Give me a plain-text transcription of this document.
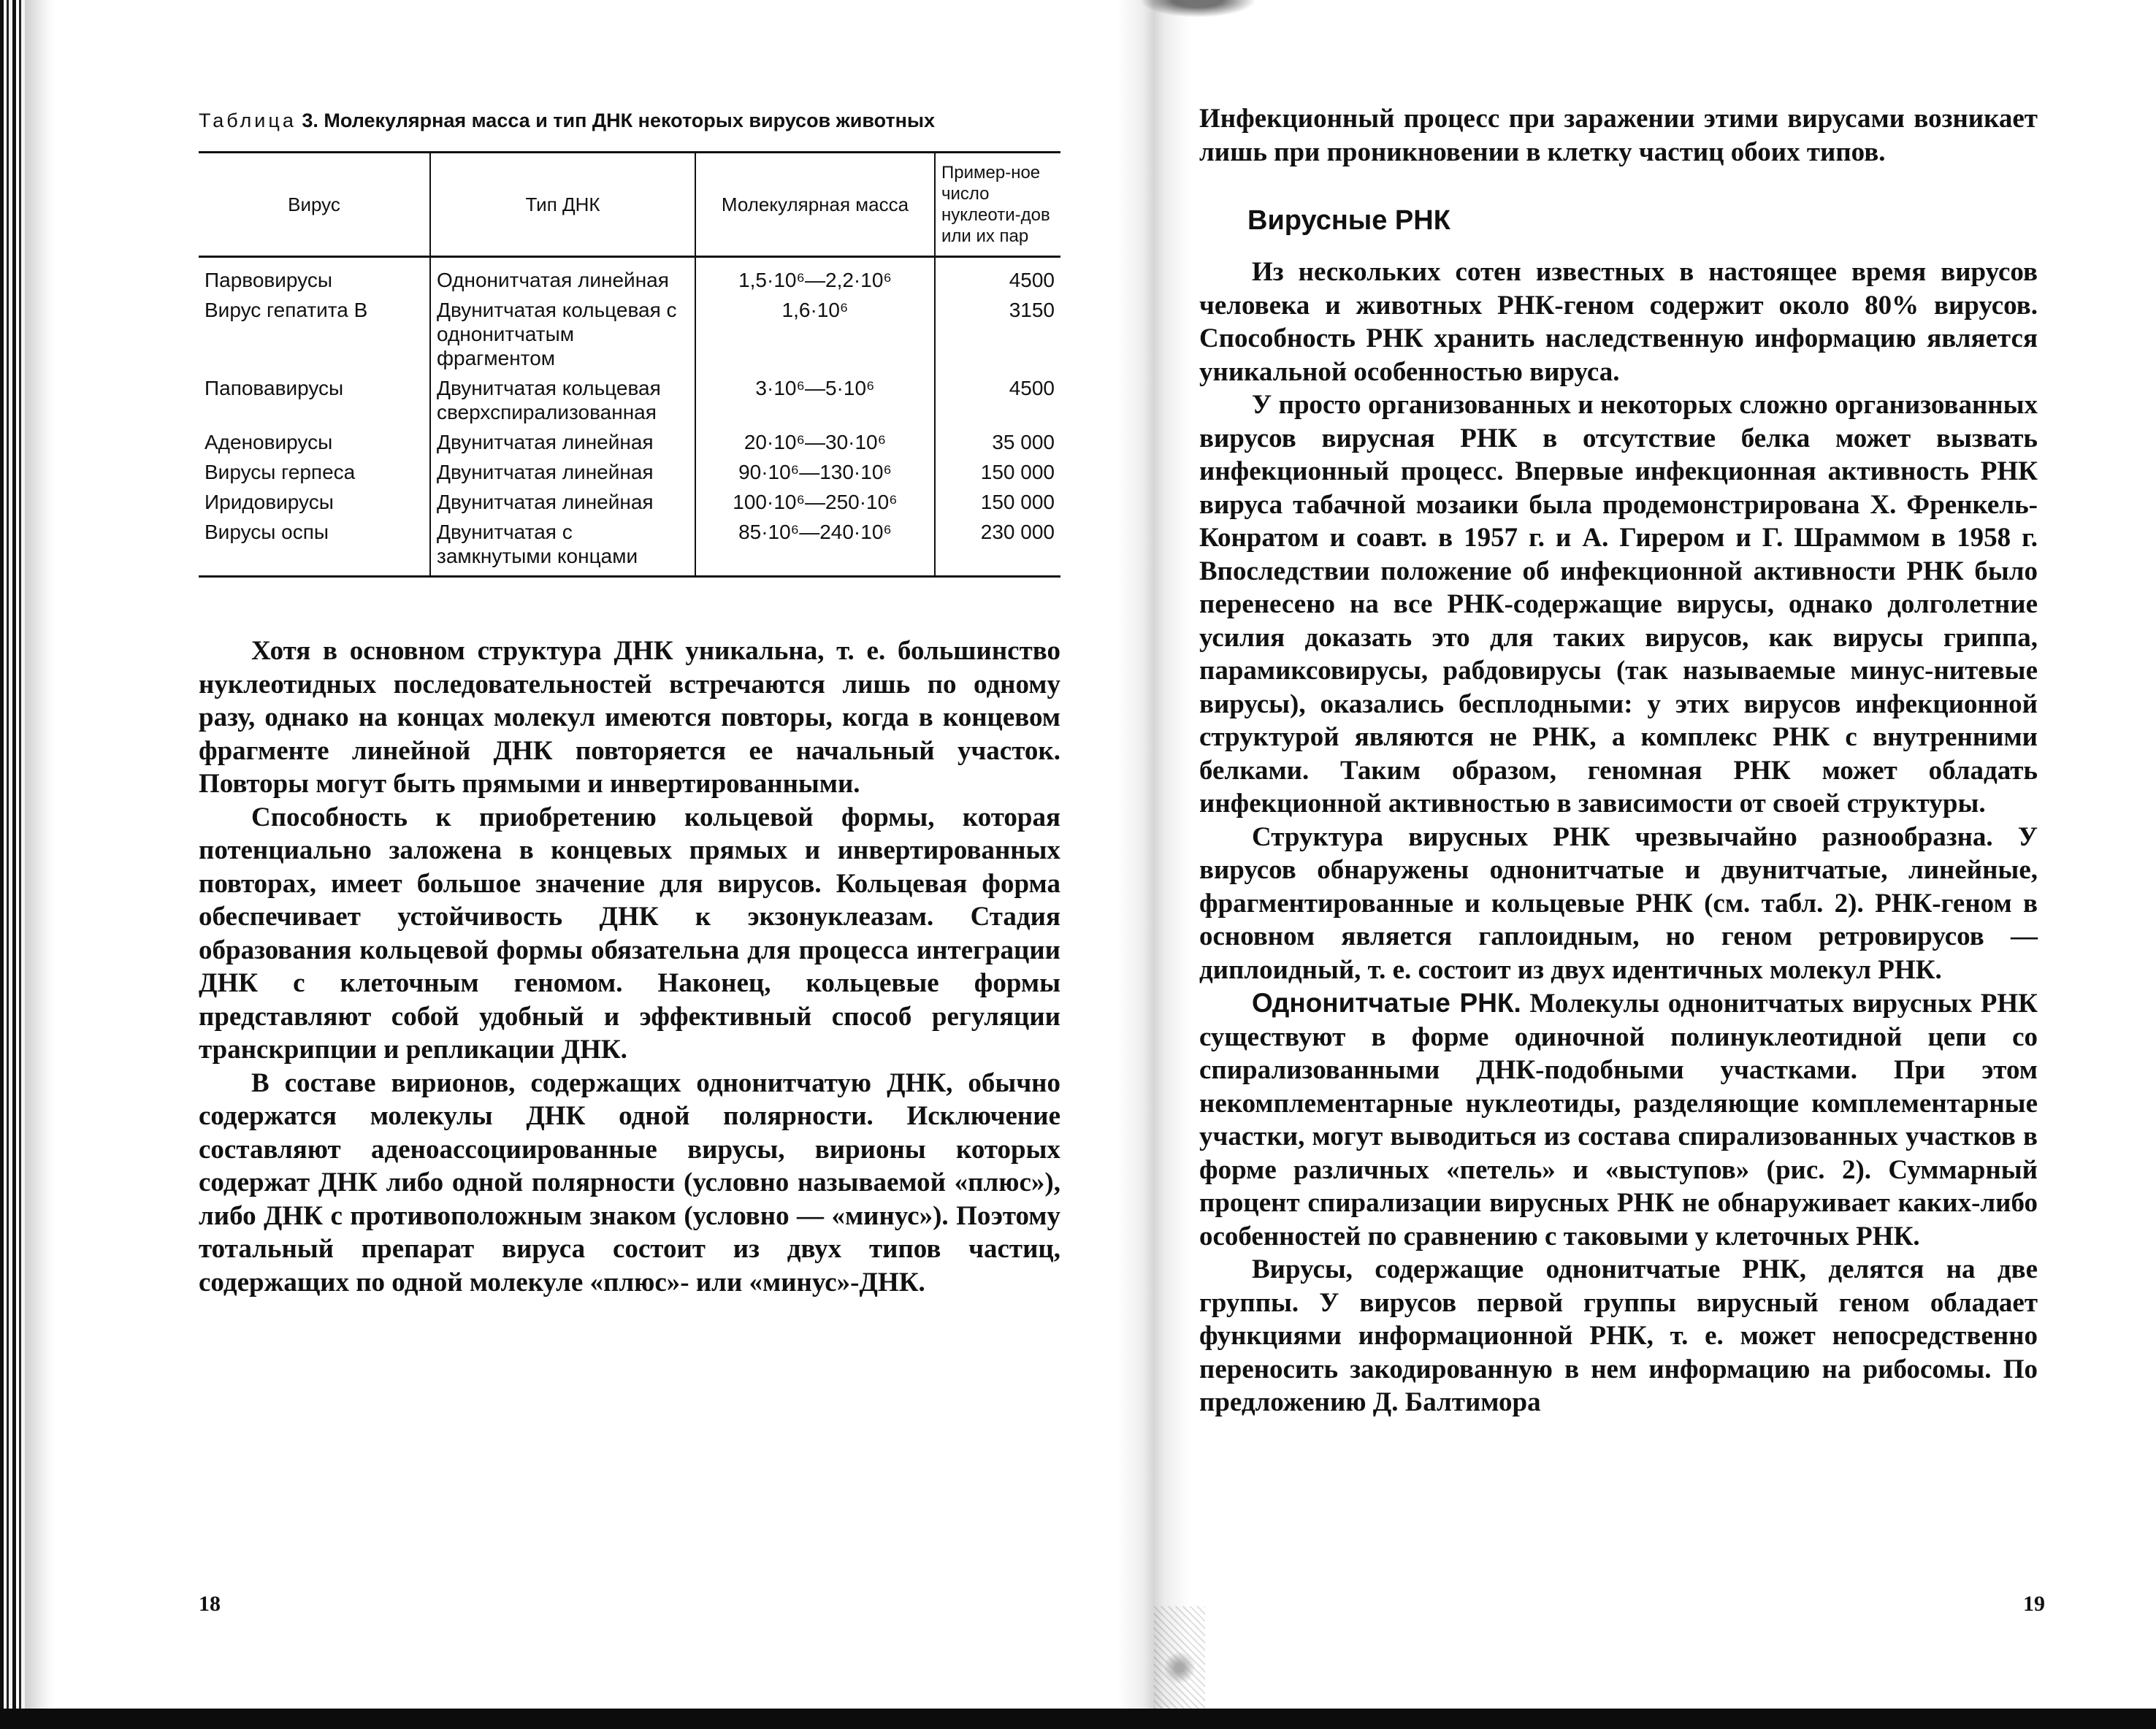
Таблица 3. Молекулярная масса и тип ДНК некоторых вирусов животных
Вирус	Тип ДНК	Молекулярная масса	Пример-ное число нуклеоти-дов или их пар
Парвовирусы	Однонитчатая линейная	1,5·10⁶—2,2·10⁶	4500
Вирус гепатита В	Двунитчатая кольцевая с однонитчатым фрагментом	1,6·10⁶	3150
Паповавирусы	Двунитчатая кольцевая сверхспирализованная	3·10⁶—5·10⁶	4500
Аденовирусы	Двунитчатая линейная	20·10⁶—30·10⁶	35 000
Вирусы герпеса	Двунитчатая линейная	90·10⁶—130·10⁶	150 000
Иридовирусы	Двунитчатая линейная	100·10⁶—250·10⁶	150 000
Вирусы оспы	Двунитчатая с замкнутыми концами	85·10⁶—240·10⁶	230 000

Хотя в основном структура ДНК уникальна, т. е. большинство нуклеотидных последовательностей встречаются лишь по одному разу, однако на концах молекул имеются повторы, когда в концевом фрагменте линейной ДНК повторяется ее начальный участок. Повторы могут быть прямыми и инвертированными.

Способность к приобретению кольцевой формы, которая потенциально заложена в концевых прямых и инвертированных повторах, имеет большое значение для вирусов. Кольцевая форма обеспечивает устойчивость ДНК к экзонуклеазам. Стадия образования кольцевой формы обязательна для процесса интеграции ДНК с клеточным геномом. Наконец, кольцевые формы представляют собой удобный и эффективный способ регуляции транскрипции и репликации ДНК.

В составе вирионов, содержащих однонитчатую ДНК, обычно содержатся молекулы ДНК одной полярности. Исключение составляют аденоассоциированные вирусы, вирионы которых содержат ДНК либо одной полярности (условно называемой «плюс»), либо ДНК с противоположным знаком (условно — «минус»). Поэтому тотальный препарат вируса состоит из двух типов частиц, содержащих по одной молекуле «плюс»- или «минус»-ДНК.

18

Инфекционный процесс при заражении этими вирусами возникает лишь при проникновении в клетку частиц обоих типов.

Вирусные РНК

Из нескольких сотен известных в настоящее время вирусов человека и животных РНК-геном содержит около 80% вирусов. Способность РНК хранить наследственную информацию является уникальной особенностью вируса.

У просто организованных и некоторых сложно организованных вирусов вирусная РНК в отсутствие белка может вызвать инфекционный процесс. Впервые инфекционная активность РНК вируса табачной мозаики была продемонстрирована Х. Френкель-Конратом и соавт. в 1957 г. и А. Гирером и Г. Шраммом в 1958 г. Впоследствии положение об инфекционной активности РНК было перенесено на все РНК-содержащие вирусы, однако долголетние усилия доказать это для таких вирусов, как вирусы гриппа, парамиксовирусы, рабдовирусы (так называемые минус-нитевые вирусы), оказались бесплодными: у этих вирусов инфекционной структурой являются не РНК, а комплекс РНК с внутренними белками. Таким образом, геномная РНК может обладать инфекционной активностью в зависимости от своей структуры.

Структура вирусных РНК чрезвычайно разнообразна. У вирусов обнаружены однонитчатые и двунитчатые, линейные, фрагментированные и кольцевые РНК (см. табл. 2). РНК-геном в основном является гаплоидным, но геном ретровирусов — диплоидный, т. е. состоит из двух идентичных молекул РНК.

Однонитчатые РНК. Молекулы однонитчатых вирусных РНК существуют в форме одиночной полинуклеотидной цепи со спирализованными ДНК-подобными участками. При этом некомплементарные нуклеотиды, разделяющие комплементарные участки, могут выводиться из состава спирализованных участков в форме различных «петель» и «выступов» (рис. 2). Суммарный процент спирализации вирусных РНК не обнаруживает каких-либо особенностей по сравнению с таковыми у клеточных РНК.

Вирусы, содержащие однонитчатые РНК, делятся на две группы. У вирусов первой группы вирусный геном обладает функциями информационной РНК, т. е. может непосредственно переносить закодированную в нем информацию на рибосомы. По предложению Д. Балтимора

19
